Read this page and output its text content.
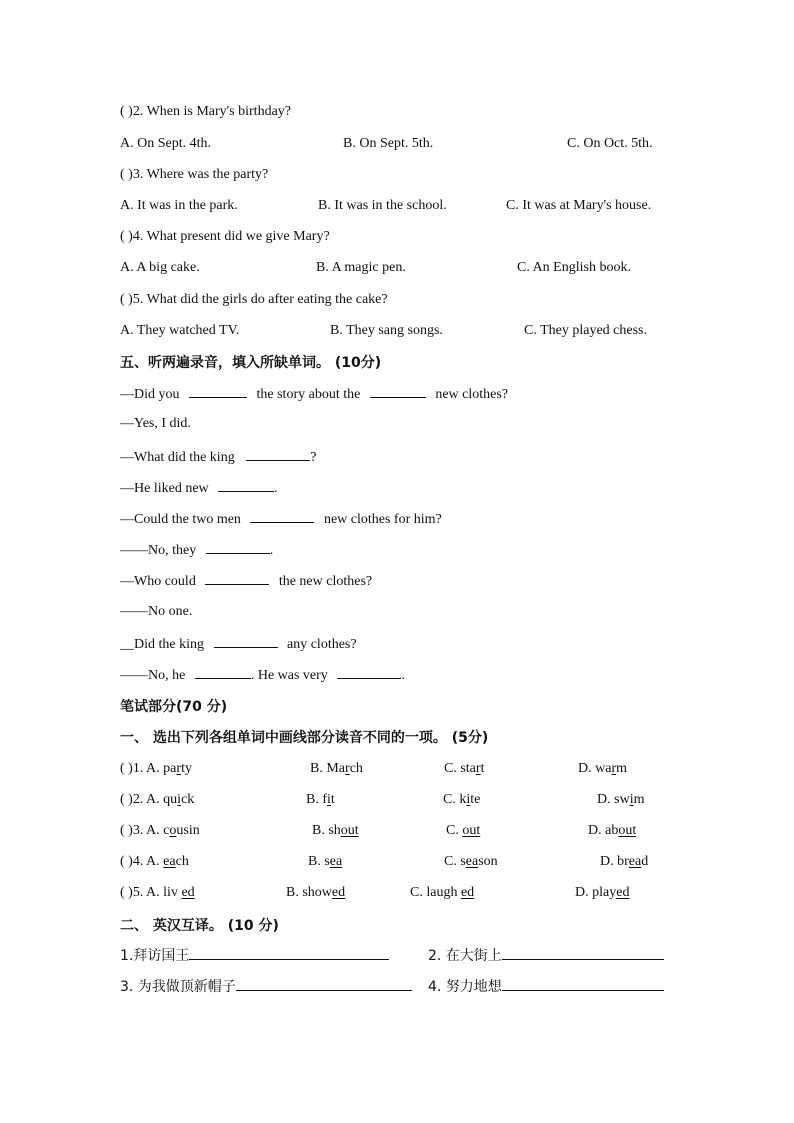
( )2. When is Mary's birthday?
A. On Sept. 4th.	B. On Sept. 5th.	C. On Oct. 5th.
( )3. Where was the party?
A. It was in the park.	B. It was in the school.	C. It was at Mary's house.
( )4. What present did we give Mary?
A. A big cake.	B. A magic pen.	C. An English book.
( )5. What did the girls do after eating the cake?
A. They watched TV.	B. They sang songs.	C. They played chess.
五、听两遍录音，填入所缺单词。 (10分)
—Did you	the story about the	new clothes?
—Yes, I did.
—What did the king	?
—He liked new	.
—Could the two men	new clothes for him?
——No, they	.
—Who could	the new clothes?
——No one.
__Did the king	any clothes?
——No, he	. He was very	.
笔试部分(70 分)
一、 选出下列各组单词中画线部分读音不同的一项。 (5分)
( )1. A. party	B. March	C. start	D. warm
( )2. A. quick	B. fit	C. kite	D. swim
( )3. A. cousin	B. shout	C. out	D. about
( )4. A. each	B. sea	C. season	D. bread
( )5. A. liv ed	B. showed	C. laugh ed	D. played
二、 英汉互译。 (10 分)
1.拜访国王	2. 在大街上
3. 为我做顶新帽子	4. 努力地想
